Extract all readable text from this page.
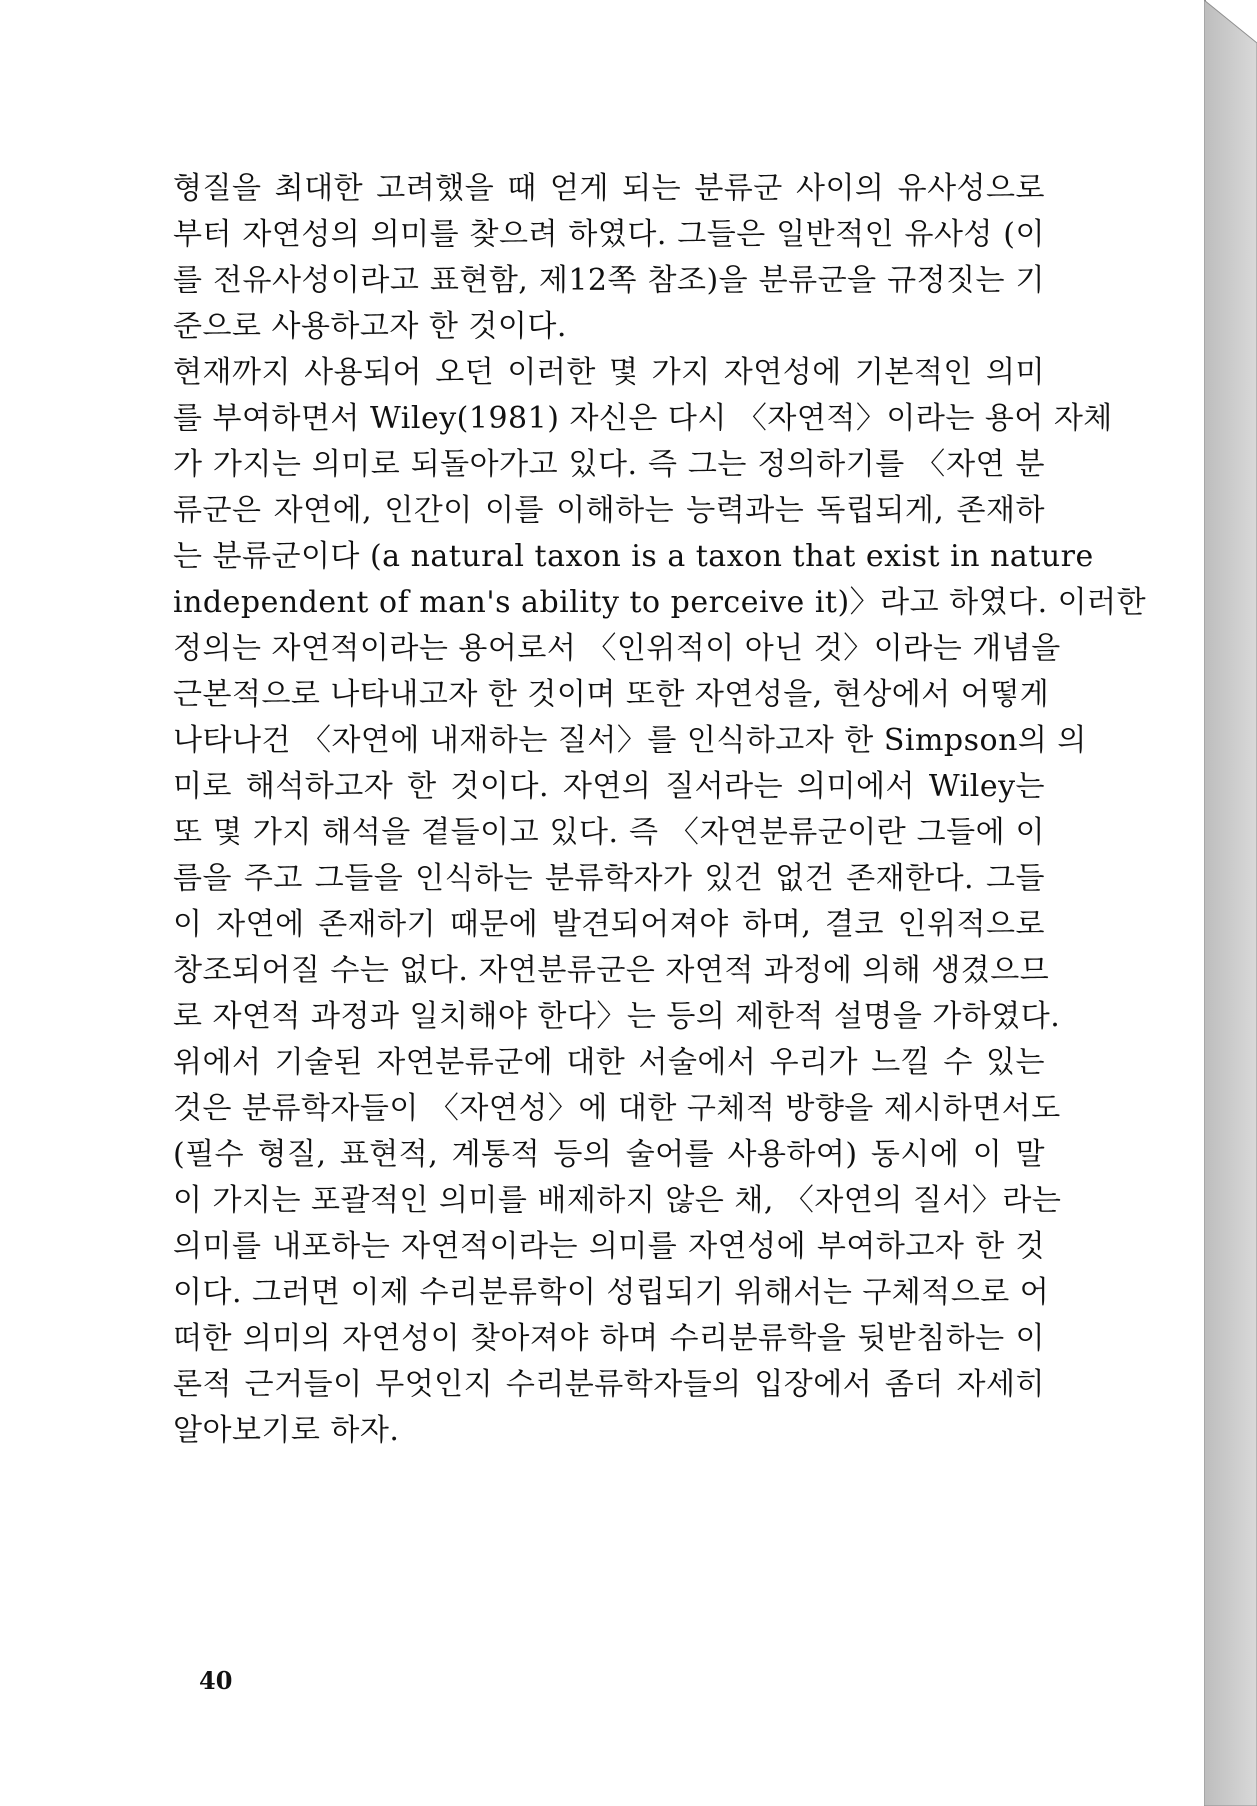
형질을 최대한 고려했을 때 얻게 되는 분류군 사이의 유사성으로
부터 자연성의 의미를 찾으려 하였다. 그들은 일반적인 유사성 (이
를 전유사성이라고 표현함, 제12쪽 참조)을 분류군을 규정짓는 기
준으로 사용하고자 한 것이다.
현재까지 사용되어 오던 이러한 몇 가지 자연성에 기본적인 의미
를 부여하면서 Wiley(1981) 자신은 다시 〈자연적〉이라는 용어 자체
가 가지는 의미로 되돌아가고 있다. 즉 그는 정의하기를 〈자연 분
류군은 자연에, 인간이 이를 이해하는 능력과는 독립되게, 존재하
는 분류군이다 (a natural taxon is a taxon that exist in nature
independent of man's ability to perceive it)〉라고 하였다. 이러한
정의는 자연적이라는 용어로서 〈인위적이 아닌 것〉이라는 개념을
근본적으로 나타내고자 한 것이며 또한 자연성을, 현상에서 어떻게
나타나건 〈자연에 내재하는 질서〉를 인식하고자 한 Simpson의 의
미로 해석하고자 한 것이다. 자연의 질서라는 의미에서 Wiley는
또 몇 가지 해석을 곁들이고 있다. 즉 〈자연분류군이란 그들에 이
름을 주고 그들을 인식하는 분류학자가 있건 없건 존재한다. 그들
이 자연에 존재하기 때문에 발견되어져야 하며, 결코 인위적으로
창조되어질 수는 없다. 자연분류군은 자연적 과정에 의해 생겼으므
로 자연적 과정과 일치해야 한다〉는 등의 제한적 설명을 가하였다.
위에서 기술된 자연분류군에 대한 서술에서 우리가 느낄 수 있는
것은 분류학자들이 〈자연성〉에 대한 구체적 방향을 제시하면서도
(필수 형질, 표현적, 계통적 등의 술어를 사용하여) 동시에 이 말
이 가지는 포괄적인 의미를 배제하지 않은 채, 〈자연의 질서〉라는
의미를 내포하는 자연적이라는 의미를 자연성에 부여하고자 한 것
이다. 그러면 이제 수리분류학이 성립되기 위해서는 구체적으로 어
떠한 의미의 자연성이 찾아져야 하며 수리분류학을 뒷받침하는 이
론적 근거들이 무엇인지 수리분류학자들의 입장에서 좀더 자세히
알아보기로 하자.
40
